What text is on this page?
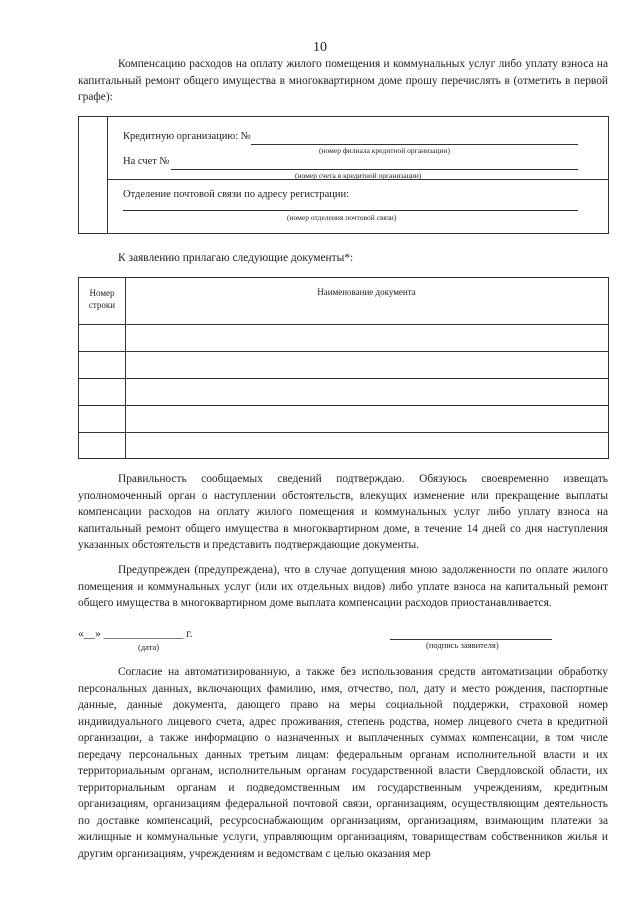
10
Компенсацию расходов на оплату жилого помещения и коммунальных услуг либо уплату взноса на капитальный ремонт общего имущества в многоквартирном доме прошу перечислять в (отметить в первой графе):
Кредитную организацию: №
(номер филиала кредитной организации)
На счет №
(номер счета в кредитной организации)
Отделение почтовой связи по адресу регистрации:
(номер отделения почтовой связи)
К заявлению прилагаю следующие документы*:
Номер
строки
Наименование документа
Правильность сообщаемых сведений подтверждаю. Обязуюсь своевременно извещать уполномоченный орган о наступлении обстоятельств, влекущих изменение или прекращение выплаты компенсации расходов на оплату жилого помещения и коммунальных услуг либо уплату взноса на капитальный ремонт общего имущества в многоквартирном доме, в течение 14 дней со дня наступления указанных обстоятельств и представить подтверждающие документы.
Предупрежден (предупреждена), что в случае допущения мною задолженности по оплате жилого помещения и коммунальных услуг (или их отдельных видов) либо уплате взноса на капитальный ремонт общего имущества в многоквартирном доме выплата компенсации расходов приостанавливается.
«__» ______________ г.
(дата)	(подпись заявителя)
Согласие на автоматизированную, а также без использования средств автоматизации обработку персональных данных, включающих фамилию, имя, отчество, пол, дату и место рождения, паспортные данные, данные документа, дающего право на меры социальной поддержки, страховой номер индивидуального лицевого счета, адрес проживания, степень родства, номер лицевого счета в кредитной организации, а также информацию о назначенных и выплаченных суммах компенсации, в том числе передачу персональных данных третьим лицам: федеральным органам исполнительной власти и их территориальным органам, исполнительным органам государственной власти Свердловской области, их территориальным органам и подведомственным им государственным учреждениям, кредитным организациям, организациям федеральной почтовой связи, организациям, осуществляющим деятельность по доставке компенсаций, ресурсоснабжающим организациям, организациям, взимающим платежи за жилищные и коммунальные услуги, управляющим организациям, товариществам собственников жилья и другим организациям, учреждениям и ведомствам с целью оказания мер
